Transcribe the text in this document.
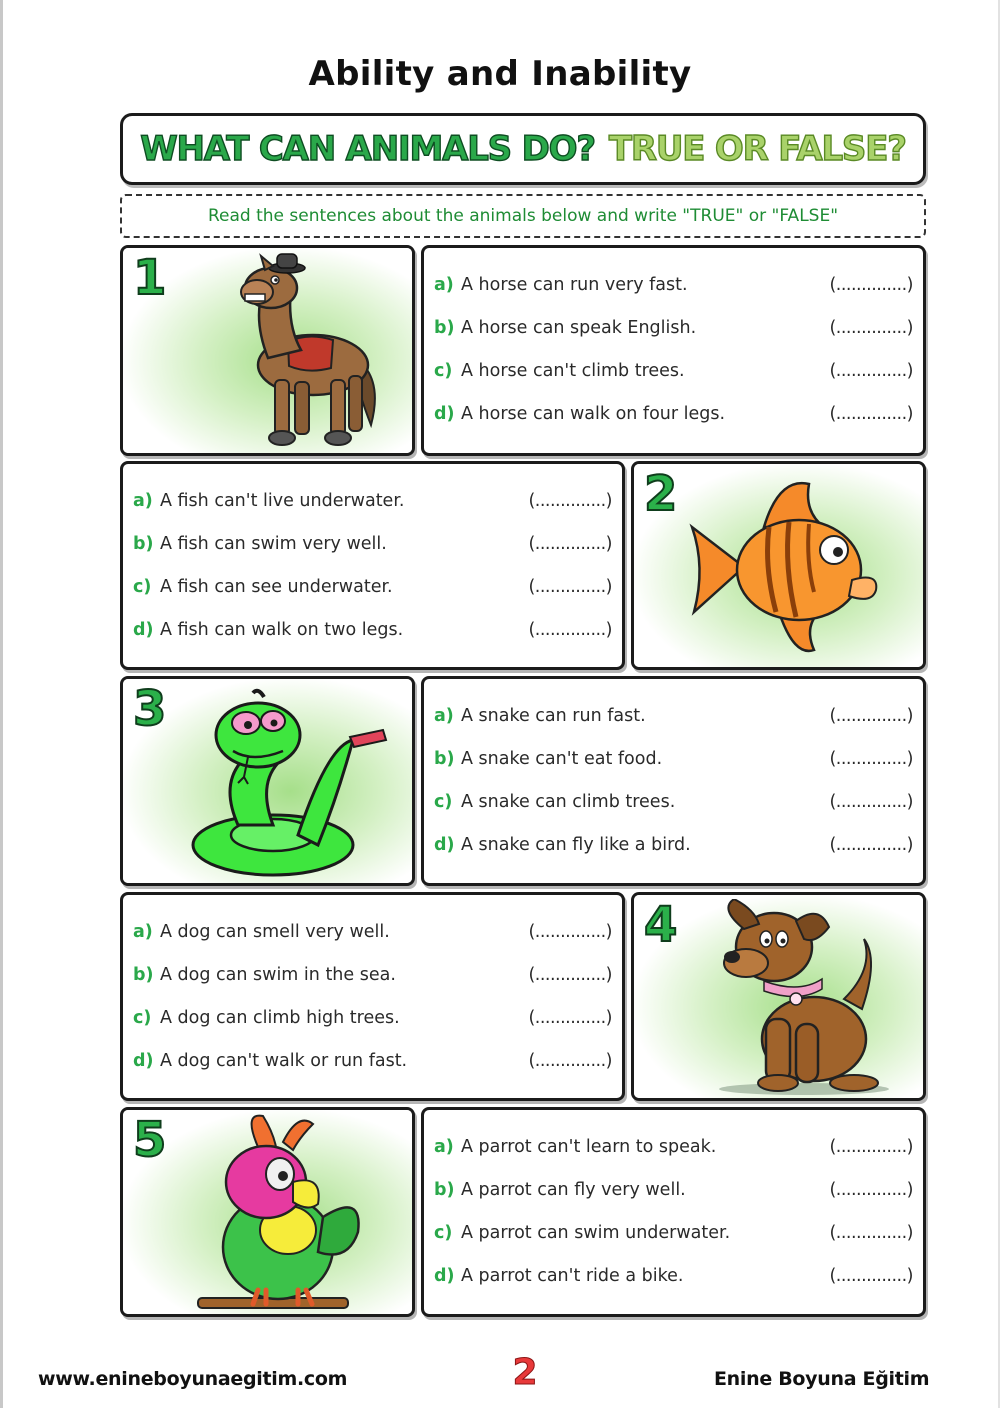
Ability and Inability
WHAT CAN ANIMALS DO? TRUE OR FALSE?
Read the sentences about the animals below and write "TRUE" or "FALSE"
1	a) A horse can run very fast.	(..............)
b) A horse can speak English.	(..............)
c) A horse can't climb trees.	(..............)
d) A horse can walk on four legs.	(..............)
a) A fish can't live underwater.	(..............)
b) A fish can swim very well.	(..............)
c) A fish can see underwater.	(..............)
d) A fish can walk on two legs.	(..............)
2
3	a) A snake can run fast.	(..............)
b) A snake can't eat food.	(..............)
c) A snake can climb trees.	(..............)
d) A snake can fly like a bird.	(..............)
a) A dog can smell very well.	(..............)
b) A dog can swim in the sea.	(..............)
c) A dog can climb high trees.	(..............)
d) A dog can't walk or run fast.	(..............)
4
5	a) A parrot can't learn to speak.	(..............)
b) A parrot can fly very well.	(..............)
c) A parrot can swim underwater.	(..............)
d) A parrot can't ride a bike.	(..............)
www.enineboyunaegitim.com	2	Enine Boyuna Eğitim
